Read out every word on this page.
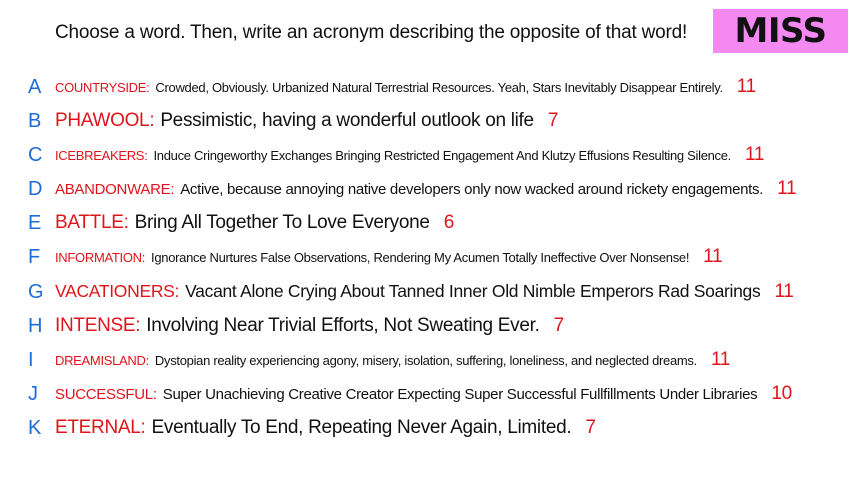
Choose a word. Then, write an acronym describing the opposite of that word! MISS
A COUNTRYSIDE : Crowded, Obviously. Urbanized Natural Terrestrial Resources. Yeah, Stars Inevitably Disappear Entirely. 11
B PHAWOOL : Pessimistic, having a wonderful outlook on life 7
C ICEBREAKERS : Induce Cringeworthy Exchanges Bringing Restricted Engagement And Klutzy Effusions Resulting Silence. 11
D ABANDONWARE : Active, because annoying native developers only now wacked around rickety engagements. 11
E BATTLE : Bring All Together To Love Everyone 6
F INFORMATION : Ignorance Nurtures False Observations, Rendering My Acumen Totally Ineffective Over Nonsense! 11
G VACATIONERS : Vacant Alone Crying About Tanned Inner Old Nimble Emperors Rad Soarings 11
H INTENSE : Involving Near Trivial Efforts, Not Sweating Ever. 7
I DREAMISLAND : Dystopian reality experiencing agony, misery, isolation, suffering, loneliness, and neglected dreams. 11
J SUCCESSFUL : Super Unachieving Creative Creator Expecting Super Successful Fullfillments Under Libraries 10
K ETERNAL : Eventually To End, Repeating Never Again, Limited. 7
